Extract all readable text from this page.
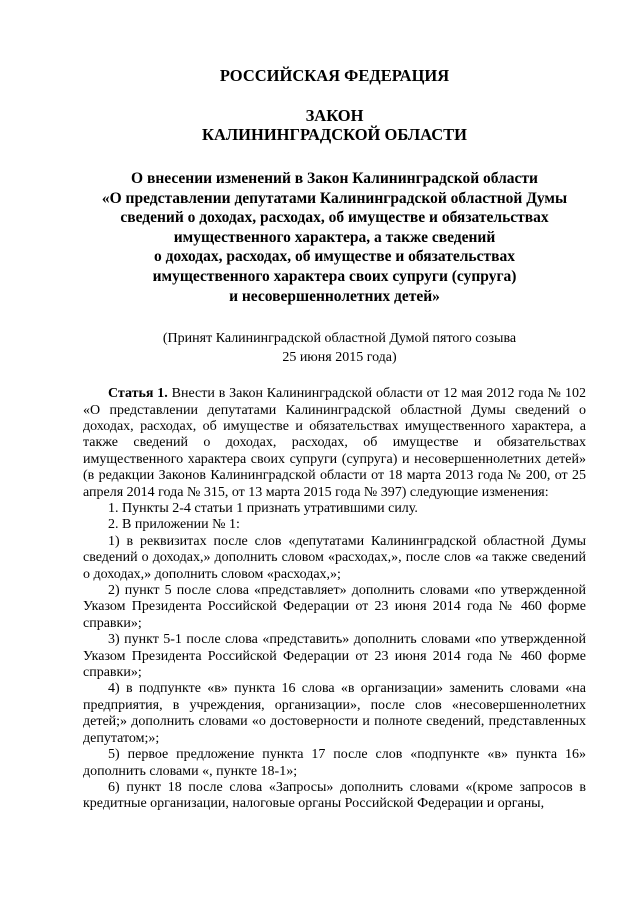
РОССИЙСКАЯ ФЕДЕРАЦИЯ
ЗАКОН
КАЛИНИНГРАДСКОЙ ОБЛАСТИ
О внесении изменений в Закон Калининградской области
«О представлении депутатами Калининградской областной Думы
сведений о доходах, расходах, об имуществе и обязательствах
имущественного характера, а также сведений
о доходах, расходах, об имуществе и обязательствах
имущественного характера своих супруги (супруга)
и несовершеннолетних детей»
(Принят Калининградской областной Думой пятого созыва
25 июня 2015 года)

Статья 1. Внести в Закон Калининградской области от 12 мая 2012 года № 102 «О представлении депутатами Калининградской областной Думы сведений о доходах, расходах, об имуществе и обязательствах имущественного характера, а также сведений о доходах, расходах, об имуществе и обязательствах имущественного характера своих супруги (супруга) и несовершеннолетних детей» (в редакции Законов Калининградской области от 18 марта 2013 года № 200, от 25 апреля 2014 года № 315, от 13 марта 2015 года № 397) следующие изменения:

1. Пункты 2-4 статьи 1 признать утратившими силу.

2. В приложении № 1:

1) в реквизитах после слов «депутатами Калининградской областной Думы сведений о доходах,» дополнить словом «расходах,», после слов «а также сведений о доходах,» дополнить словом «расходах,»;

2) пункт 5 после слова «представляет» дополнить словами «по утвержденной Указом Президента Российской Федерации от 23 июня 2014 года № 460 форме справки»;

3) пункт 5-1 после слова «представить» дополнить словами «по утвержденной Указом Президента Российской Федерации от 23 июня 2014 года № 460 форме справки»;

4) в подпункте «в» пункта 16 слова «в организации» заменить словами «на предприятия, в учреждения, организации», после слов «несовершеннолетних детей;» дополнить словами «о достоверности и полноте сведений, представленных депутатом;»;

5) первое предложение пункта 17 после слов «подпункте «в» пункта 16» дополнить словами «, пункте 18-1»;

6) пункт 18 после слова «Запросы» дополнить словами «(кроме запросов в кредитные организации, налоговые органы Российской Федерации и органы,
